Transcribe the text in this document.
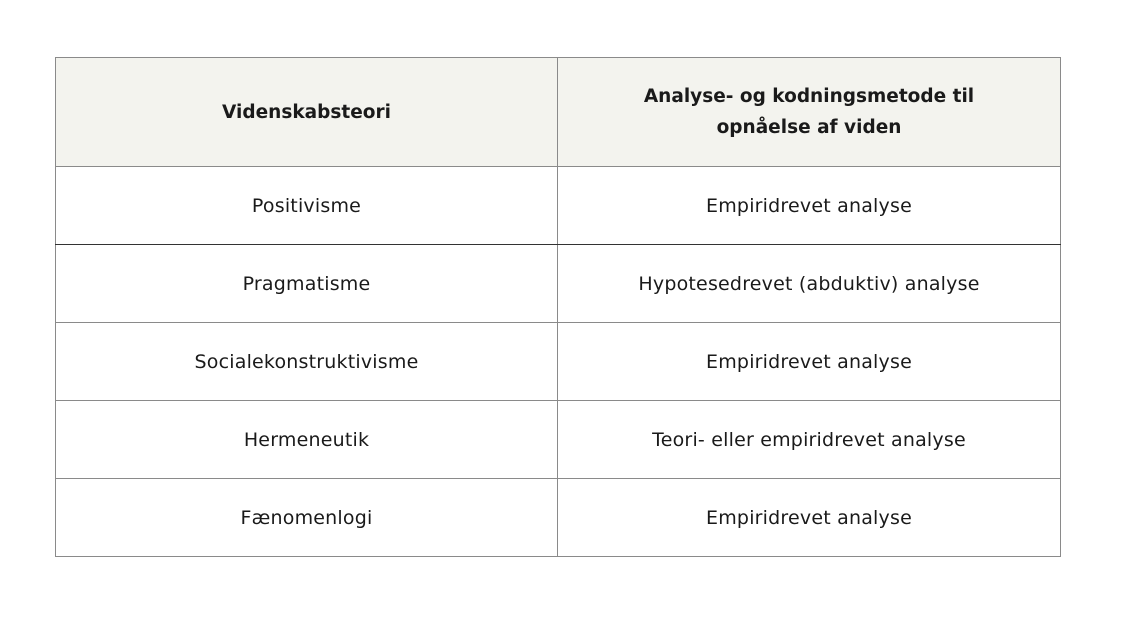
Videnskabsteori	Analyse- og kodningsmetode til
opnåelse af viden

Positivisme	Empiridrevet analyse
Pragmatisme	Hypotesedrevet (abduktiv) analyse
Socialekonstruktivisme	Empiridrevet analyse
Hermeneutik	Teori- eller empiridrevet analyse
Fænomenlogi	Empiridrevet analyse
